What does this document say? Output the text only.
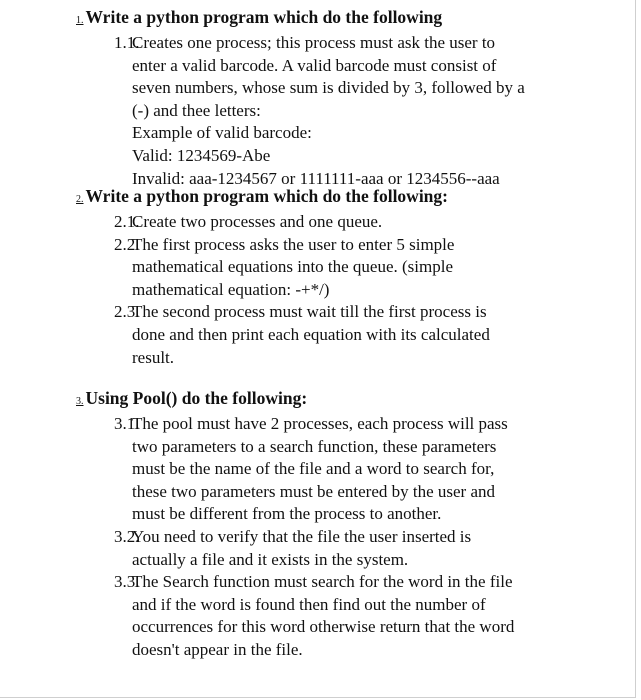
1. Write a python program which do the following
1.1.
Creates one process; this process must ask the user to
enter a valid barcode. A valid barcode must consist of
seven numbers, whose sum is divided by 3, followed by a
(-) and thee letters:
Example of valid barcode:
Valid: 1234569-Abe
Invalid: aaa-1234567 or 1111111-aaa or 1234556--aaa
2. Write a python program which do the following:
2.1.
Create two processes and one queue.
2.2.
The first process asks the user to enter 5 simple
mathematical equations into the queue. (simple
mathematical equation: -+*/)
2.3.
The second process must wait till the first process is
done and then print each equation with its calculated
result.
3. Using Pool() do the following:
3.1.
The pool must have 2 processes, each process will pass
two parameters to a search function, these parameters
must be the name of the file and a word to search for,
these two parameters must be entered by the user and
must be different from the process to another.
3.2.
You need to verify that the file the user inserted is
actually a file and it exists in the system.
3.3.
The Search function must search for the word in the file
and if the word is found then find out the number of
occurrences for this word otherwise return that the word
doesn't appear in the file.
